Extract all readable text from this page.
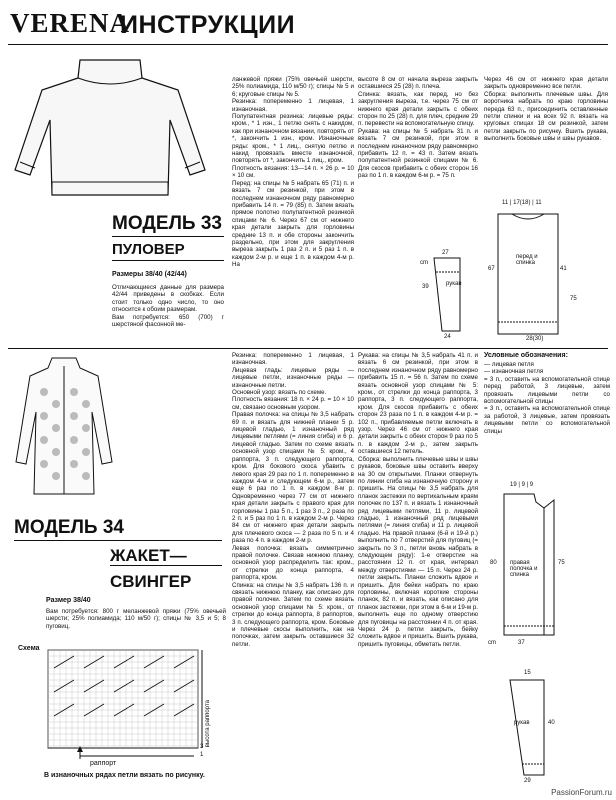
VERENA
ИНСТРУКЦИИ
МОДЕЛЬ 33
ПУЛОВЕР
Размеры 38/40 (42/44)
Отличающиеся данные для размера 42/44 приведены в скобках. Если стоит только одно число, то оно относится к обоим размерам.
Вам потребуется: 650 (700) г шерстяной фасонной ме-
ланжевой пряжи (75% овечьей шерсти, 25% полиамида, 110 м/50 г); спицы № 5 и 6; круговые спицы № 5.
Резинка: попеременно 1 лицевая, 1 изнаночная.
Полупатентная резинка: лицевые ряды: кром., * 1 изн., 1 петлю снять с накидом, как при изнаночном вязании, повторять от *, закончить 1 изн., кром. Изнаночные ряды: кром., * 1 лиц., снятую петлю и накид провязать вместе изнаночной, повторять от *, закончить 1 лиц., кром.
Плотность вязания: 13—14 п. × 26 р. = 10 × 10 см.
Перед: на спицы № 5 набрать 65 (71) п. и вязать 7 см резинкой, при этом в последнем изнаночном ряду равномерно прибавить 14 п. = 79 (85) п. Затем вязать прямое полотно полупатентной резинкой спицами № 6. Через 67 см от нижнего края детали закрыть для горловины средние 13 п. и обе стороны закончить раздельно, при этом для закругления выреза закрыть 1 раз 2 п. и 5 раз 1 п. в каждом 2-м р. и еще 1 п. в каждом 4-м р. На
высоте 8 см от начала выреза закрыть оставшиеся 25 (28) п. плеча.
Спинка: вязать, как перед, но без закругления выреза, т.е. через 75 см от нижнего края детали закрыть с обеих сторон по 25 (28) п. для плеч, средние 29 п. перевести на вспомогательную спицу.
Рукава: на спицы № 5 набрать 31 п. и вязать 7 см резинкой, при этом в последнем изнаночном ряду равномерно прибавить 12 п. = 43 п. Затем вязать полупатентной резинкой спицами № 6. Для скосов прибавить с обеих сторон 16 раз по 1 п. в каждом 6-м р. = 75 п.
Через 46 см от нижнего края детали закрыть одновременно все петли.
Сборка: выполнить плечевые швы. Для воротника набрать по краю горловины переда 63 п., присоединить оставленные петли спинки и на всех 92 п. вязать на круговых спицах 18 см резинкой, затем петли закрыть по рисунку. Вшить рукава, выполнить боковые швы и швы рукавов.
11 | 17(18) | 11
28(30)
перед и спинка
рукав
67	41
75
27
39
24
cm
МОДЕЛЬ 34
ЖАКЕТ—
СВИНГЕР
Размер 38/40
Вам потребуется: 800 г меланжевой пряжи (75% овечьей шерсти; 25% полиамида; 110 м/50 г); спицы № 3,5 и 5; 8 пуговиц.
Резинка: попеременно 1 лицевая, 1 изнаночная.
Лицевая гладь: лицевые ряды — лицевые петли, изнаночные ряды — изнаночные петли.
Основной узор: вязать по схеме.
Плотность вязания: 18 п. × 24 р. = 10 × 10 см, связано основным узором.
Правая полочка: на спицы № 3,5 набрать 69 п. и вязать для нижней планки 5 р. лицевой гладью, 1 изнаночный ряд лицевыми петлями (= линия сгиба) и 6 р. лицевой гладью. Затем по схеме вязать основной узор спицами № 5: кром., 4 раппорта, 3 п. следующего раппорта, кром. Для бокового скоса убавить с левого края 29 раз по 1 п. попеременно в каждом 4-м и следующем 6-м р., затем еще 6 раз по 1 п. в каждом 8-м р. Одновременно через 77 см от нижнего края детали закрыть с правого края для горловины 1 раз 5 п., 1 раз 3 п., 2 раза по 2 п. и 5 раз по 1 п. в каждом 2-м р. Через 84 см от нижнего края детали закрыть для плечевого скоса — 2 раза по 5 п. и 4 раза по 4 п. в каждом 2-м р.
Левая полочка: вязать симметрично правой полочке. Связав нижнюю планку, основной узор распределить так: кром., от стрелки до конца раппорта, 4 раппорта, кром.
Спинка: на спицы № 3,5 набрать 136 п. и связать нижнюю планку, как описано для правой полочки. Затем по схеме вязать основной узор спицами № 5: кром., от стрелки до конца раппорта, 8 раппортов, 3 п. следующего раппорта, кром. Боковые и плечевые скосы выполнить, как на полочках, затем закрыть оставшиеся 32 петли.
Рукава: на спицы № 3,5 набрать 41 п. и вязать 6 см резинкой, при этом в последнем изнаночном ряду равномерно прибавить 15 п. = 56 п. Затем по схеме вязать основной узор спицами № 5: кром., от стрелки до конца раппорта, 3 раппорта, 3 п. следующего раппорта, кром. Для скосов прибавить с обеих сторон 23 раза по 1 п. в каждом 4-м р. = 102 п., прибавляемые петли включать в узор. Через 46 см от нижнего края детали закрыть с обеих сторон 9 раз по 5 п. в каждом 2-м р., затем закрыть оставшиеся 12 петель.
Сборка: выполнить плечевые швы и швы рукавов, боковые швы оставить вверху на 30 см открытыми. Планки отвернуть по линии сгиба на изнаночную сторону и пришить. На спицы № 3,5 набрать для планок застежки по вертикальным краям полочек по 137 п. и вязать 1 изнаночный ряд лицевыми петлями, 11 р. лицевой гладью, 1 изнаночный ряд лицевыми петлями (= линия сгиба) и 11 р. лицевой гладью. На правой планке (6-й и 19-й р.) выполнить по 7 отверстий для пуговиц (= закрыть по 3 п., петли вновь набрать в следующем ряду): 1-е отверстие на расстоянии 12 п. от края, интервал между отверстиями — 15 п. Через 24 р. петли закрыть. Планки сложить вдвое и пришить. Для бейки набрать по краю горловины, включая короткие стороны планок, 82 п. и вязать, как описано для планок застежки, при этом в 6-м и 19-м р. выполнить еще по одному отверстию для пуговицы на расстоянии 4 п. от края. Через 24 р. петли закрыть, бейку сложить вдвое и пришить. Вшить рукава, пришить пуговицы, обметать петли.
Условные обозначения:
— лицевая петля
— изнаночная петля
= 3 п., оставить на вспомогательной спице перед работой, 3 лицевые, затем провязать лицевыми петли со вспомогательной спицы
= 3 п., оставить на вспомогательной спице за работой, 3 лицевые, затем провязать лицевыми петли со вспомогательной спицы
19 | 9 | 9
правая полочка и спинка
рукав
80
37
75
15
40
29
cm
Схема
высота раппорта
3
1
раппорт
В изнаночных рядах петли вязать по рисунку.
PassionForum.ru
